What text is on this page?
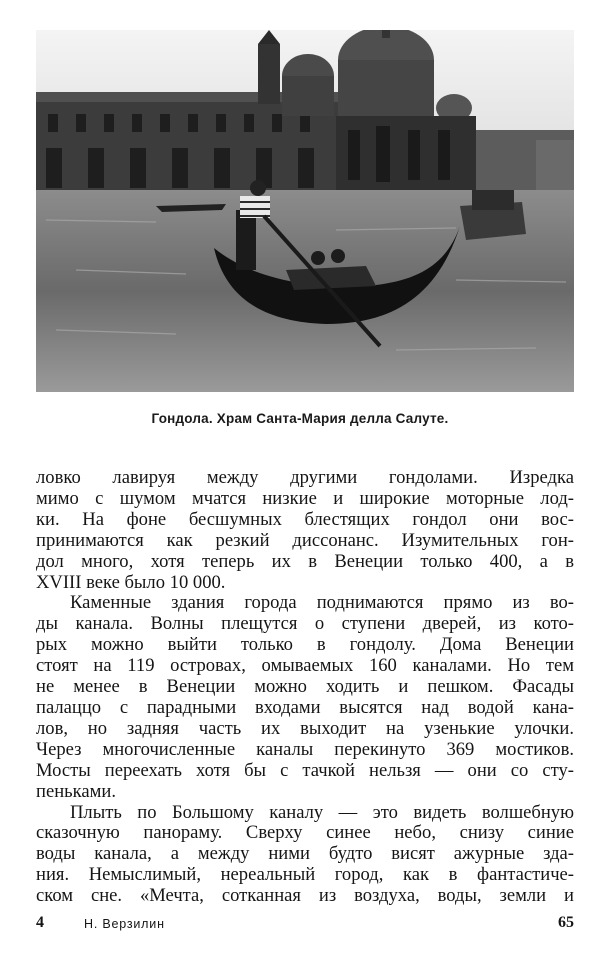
Гондола. Храм Санта-Мария делла Салуте.

ловко лавируя между другими гондолами. Изредка

мимо с шумом мчатся низкие и широкие моторные лод-

ки. На фоне бесшумных блестящих гондол они вос-

принимаются как резкий диссонанс. Изумительных гон-

дол много, хотя теперь их в Венеции только 400, а в

XVIII веке было 10 000.

Каменные здания города поднимаются прямо из во-

ды канала. Волны плещутся о ступени дверей, из кото-

рых можно выйти только в гондолу. Дома Венеции

стоят на 119 островах, омываемых 160 каналами. Но тем

не менее в Венеции можно ходить и пешком. Фасады

палаццо с парадными входами высятся над водой кана-

лов, но задняя часть их выходит на узенькие улочки.

Через многочисленные каналы перекинуто 369 мостиков.

Мосты переехать хотя бы с тачкой нельзя — они со сту-

пеньками.

Плыть по Большому каналу — это видеть волшебную

сказочную панораму. Сверху синее небо, снизу синие

воды канала, а между ними будто висят ажурные зда-

ния. Немыслимый, нереальный город, как в фантастиче-

ском сне. «Мечта, сотканная из воздуха, воды, земли и

4	Н. Верзилин	65
